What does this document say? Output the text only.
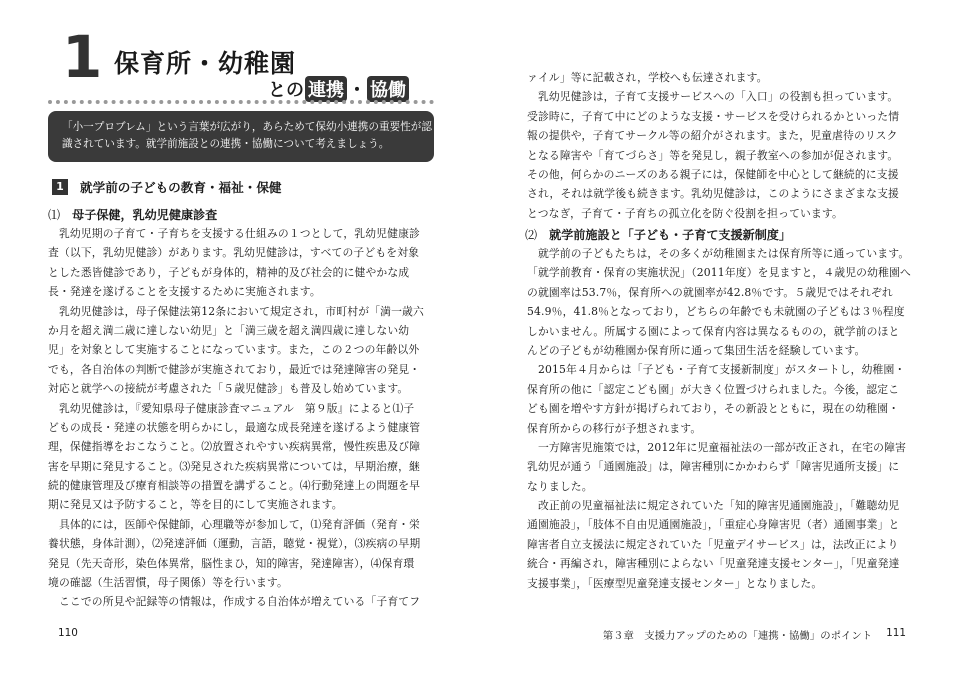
1 保育所・幼稚園
との 連携 ・ 協働
「小一プロブレム」という言葉が広がり，あらためて保幼小連携の重要性が認
識されています。就学前施設との連携・協働について考えましょう。
1	就学前の子どもの教育・福祉・保健
⑴ 母子保健，乳幼児健康診査
　乳幼児期の子育て・子育ちを支援する仕組みの１つとして，乳幼児健康診
査（以下，乳幼児健診）があります。乳幼児健診は，すべての子どもを対象
とした悉皆健診であり，子どもが身体的，精神的及び社会的に健やかな成
長・発達を遂げることを支援するために実施されます。
　乳幼児健診は，母子保健法第12条において規定され，市町村が「満一歳六
か月を超え満二歳に達しない幼児」と「満三歳を超え満四歳に達しない幼
児」を対象として実施することになっています。また，この２つの年齢以外
でも，各自治体の判断で健診が実施されており，最近では発達障害の発見・
対応と就学への接続が考慮された「５歳児健診」も普及し始めています。
　乳幼児健診は，『愛知県母子健康診査マニュアル　第９版』によると⑴子
どもの成長・発達の状態を明らかにし，最適な成長発達を遂げるよう健康管
理，保健指導をおこなうこと。⑵放置されやすい疾病異常，慢性疾患及び障
害を早期に発見すること。⑶発見された疾病異常については，早期治療，継
続的健康管理及び療育相談等の措置を講ずること。⑷行動発達上の問題を早
期に発見又は予防すること，等を目的にして実施されます。
　具体的には，医師や保健師，心理職等が参加して，⑴発育評価（発育・栄
養状態，身体計測），⑵発達評価（運動，言語，聴覚・視覚），⑶疾病の早期
発見（先天奇形，染色体異常，脳性まひ，知的障害，発達障害），⑷保育環
境の確認（生活習慣，母子関係）等を行います。
　ここでの所見や記録等の情報は，作成する自治体が増えている「子育てフ
110
ァイル」等に記載され，学校へも伝達されます。
　乳幼児健診は，子育て支援サービスへの「入口」の役割も担っています。
受診時に，子育て中にどのような支援・サービスを受けられるかといった情
報の提供や，子育てサークル等の紹介がされます。また，児童虐待のリスク
となる障害や「育てづらさ」等を発見し，親子教室への参加が促されます。
その他，何らかのニーズのある親子には，保健師を中心として継続的に支援
され，それは就学後も続きます。乳幼児健診は，このようにさまざまな支援
とつなぎ，子育て・子育ちの孤立化を防ぐ役割を担っています。
⑵ 就学前施設と「子ども・子育て支援新制度」
　就学前の子どもたちは，その多くが幼稚園または保育所等に通っています。
「就学前教育・保育の実施状況」（2011年度）を見ますと，４歳児の幼稚園へ
の就園率は53.7％，保育所への就園率が42.8％です。５歳児ではそれぞれ
54.9％，41.8％となっており，どちらの年齢でも未就園の子どもは３％程度
しかいません。所属する園によって保育内容は異なるものの，就学前のほと
んどの子どもが幼稚園か保育所に通って集団生活を経験しています。
　2015年４月からは「子ども・子育て支援新制度」がスタートし，幼稚園・
保育所の他に「認定こども園」が大きく位置づけられました。今後，認定こ
ども園を増やす方針が掲げられており，その新設とともに，現在の幼稚園・
保育所からの移行が予想されます。
　一方障害児施策では，2012年に児童福祉法の一部が改正され，在宅の障害
乳幼児が通う「通園施設」は，障害種別にかかわらず「障害児通所支援」に
なりました。
　改正前の児童福祉法に規定されていた「知的障害児通園施設」，「難聴幼児
通園施設」，「肢体不自由児通園施設」，「重症心身障害児（者）通園事業」と
障害者自立支援法に規定されていた「児童デイサービス」は，法改正により
統合・再編され，障害種別によらない「児童発達支援センター」，「児童発達
支援事業」，「医療型児童発達支援センター」となりました。
第３章　支援力アップのための「連携・協働」のポイント 111
